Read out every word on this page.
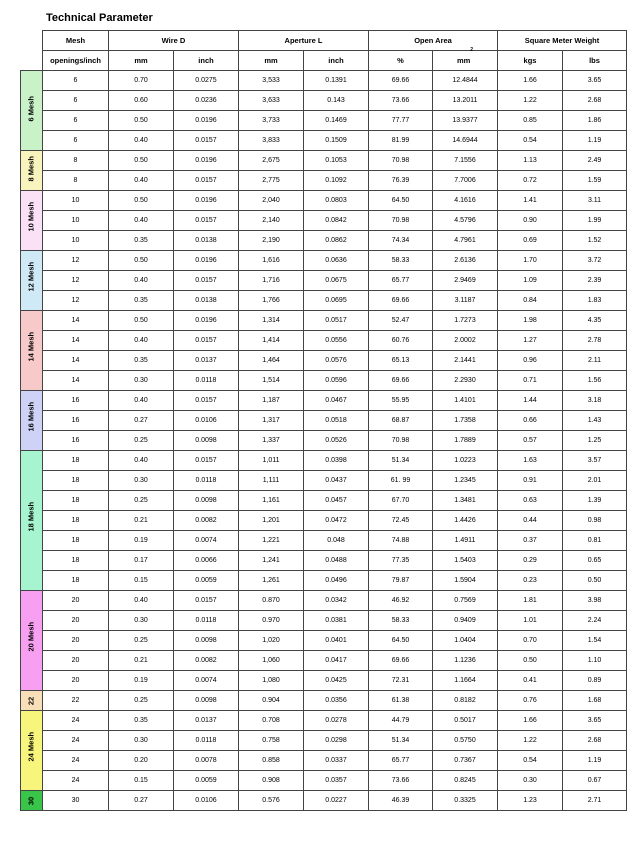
Technical Parameter
	Mesh	Wire D		Aperture L		Open Area		Square Meter Weight	
	openings/inch	mm	inch	mm	inch	%	$mm^2$	kgs	lbs

6 Mesh	6	0.70	0.0275	3,533	0.1391	69.66	12.4844	1.66	3.65
	6	0.60	0.0236	3,633	0.143	73.66	13.2011	1.22	2.68
	6	0.50	0.0196	3,733	0.1469	77.77	13.9377	0.85	1.86
	6	0.40	0.0157	3,833	0.1509	81.99	14.6944	0.54	1.19

8 Mesh	8	0.50	0.0196	2,675	0.1053	70.98	7.1556	1.13	2.49
	8	0.40	0.0157	2,775	0.1092	76.39	7.7006	0.72	1.59

10 Mesh	10	0.50	0.0196	2,040	0.0803	64.50	4.1616	1.41	3.11
	10	0.40	0.0157	2,140	0.0842	70.98	4.5796	0.90	1.99
	10	0.35	0.0138	2,190	0.0862	74.34	4.7961	0.69	1.52

12 Mesh	12	0.50	0.0196	1,616	0.0636	58.33	2.6136	1.70	3.72
	12	0.40	0.0157	1,716	0.0675	65.77	2.9469	1.09	2.39
	12	0.35	0.0138	1,766	0.0695	69.66	3.1187	0.84	1.83

14 Mesh	14	0.50	0.0196	1,314	0.0517	52.47	1.7273	1.98	4.35
	14	0.40	0.0157	1,414	0.0556	60.76	2.0002	1.27	2.78
	14	0.35	0.0137	1,464	0.0576	65.13	2.1441	0.96	2.11
	14	0.30	0.0118	1,514	0.0596	69.66	2.2930	0.71	1.56

16 Mesh	16	0.40	0.0157	1,187	0.0467	55.95	1.4101	1.44	3.18
	16	0.27	0.0106	1,317	0.0518	68.87	1.7358	0.66	1.43
	16	0.25	0.0098	1,337	0.0526	70.98	1.7889	0.57	1.25

18 Mesh	18	0.40	0.0157	1,011	0.0398	51.34	1.0223	1.63	3.57
	18	0.30	0.0118	1,111	0.0437	61. 99	1.2345	0.91	2.01
	18	0.25	0.0098	1,161	0.0457	67.70	1.3481	0.63	1.39
	18	0.21	0.0082	1,201	0.0472	72.45	1.4426	0.44	0.98
	18	0.19	0.0074	1,221	0.048	74.88	1.4911	0.37	0.81
	18	0.17	0.0066	1,241	0.0488	77.35	1.5403	0.29	0.65
	18	0.15	0.0059	1,261	0.0496	79.87	1.5904	0.23	0.50

20 Mesh	20	0.40	0.0157	0.870	0.0342	46.92	0.7569	1.81	3.98
	20	0.30	0.0118	0.970	0.0381	58.33	0.9409	1.01	2.24
	20	0.25	0.0098	1,020	0.0401	64.50	1.0404	0.70	1.54
	20	0.21	0.0082	1,060	0.0417	69.66	1.1236	0.50	1.10
	20	0.19	0.0074	1,080	0.0425	72.31	1.1664	0.41	0.89

22	22	0.25	0.0098	0.904	0.0356	61.38	0.8182	0.76	1.68

24 Mesh	24	0.35	0.0137	0.708	0.0278	44.79	0.5017	1.66	3.65
	24	0.30	0.0118	0.758	0.0298	51.34	0.5750	1.22	2.68
	24	0.20	0.0078	0.858	0.0337	65.77	0.7367	0.54	1.19
	24	0.15	0.0059	0.908	0.0357	73.66	0.8245	0.30	0.67

30	30	0.27	0.0106	0.576	0.0227	46.39	0.3325	1.23	2.71
